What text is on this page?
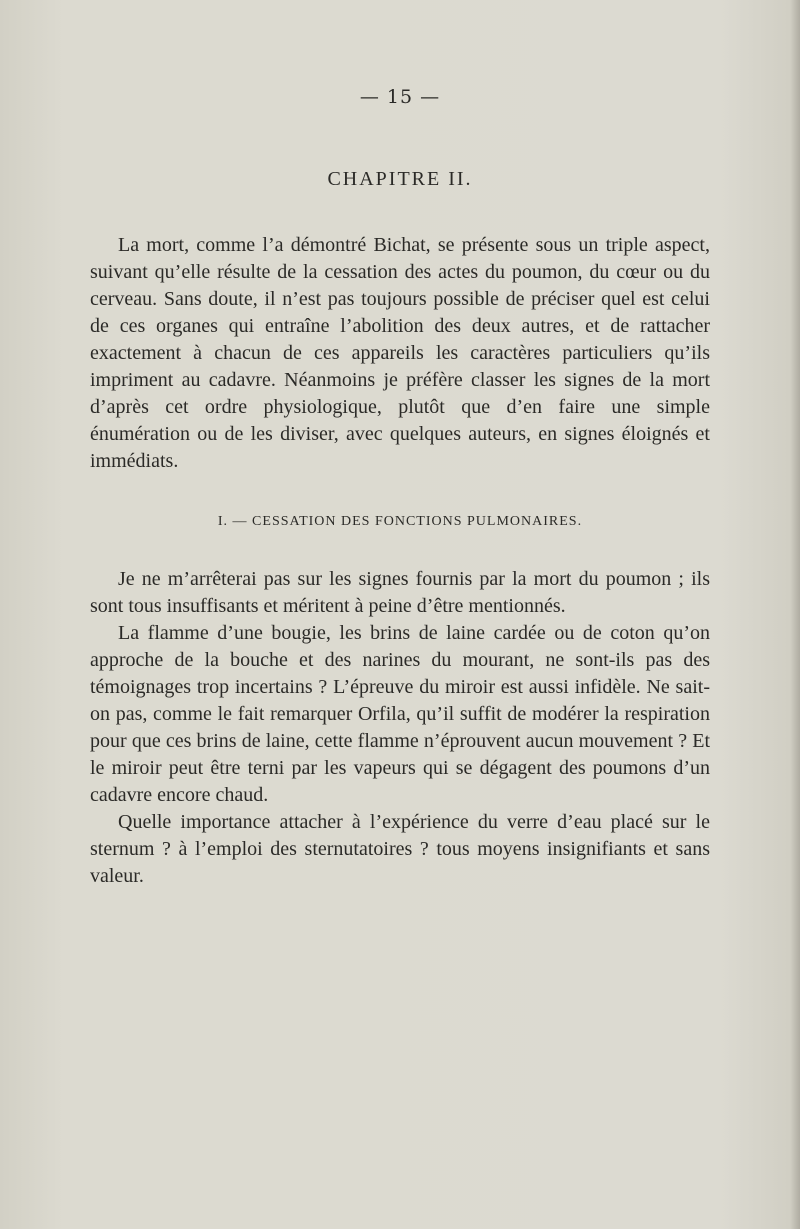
— 15 —
CHAPITRE II.

La mort, comme l’a démontré Bichat, se présente sous un triple aspect, suivant qu’elle résulte de la cessation des actes du poumon, du cœur ou du cerveau. Sans doute, il n’est pas toujours possible de préciser quel est celui de ces organes qui entraîne l’abolition des deux autres, et de rattacher exactement à chacun de ces appareils les caractères particuliers qu’ils impriment au cadavre. Néanmoins je préfère classer les signes de la mort d’après cet ordre physiologique, plutôt que d’en faire une simple énumération ou de les diviser, avec quelques auteurs, en signes éloignés et immédiats.

I. — CESSATION DES FONCTIONS PULMONAIRES.

Je ne m’arrêterai pas sur les signes fournis par la mort du poumon ; ils sont tous insuffisants et méritent à peine d’être mentionnés.

La flamme d’une bougie, les brins de laine cardée ou de coton qu’on approche de la bouche et des narines du mourant, ne sont-ils pas des témoignages trop incertains ? L’épreuve du miroir est aussi infidèle. Ne sait-on pas, comme le fait remarquer Orfila, qu’il suffit de modérer la respiration pour que ces brins de laine, cette flamme n’éprouvent aucun mouvement ? Et le miroir peut être terni par les vapeurs qui se dégagent des poumons d’un cadavre encore chaud.

Quelle importance attacher à l’expérience du verre d’eau placé sur le sternum ? à l’emploi des sternutatoires ? tous moyens insignifiants et sans valeur.
